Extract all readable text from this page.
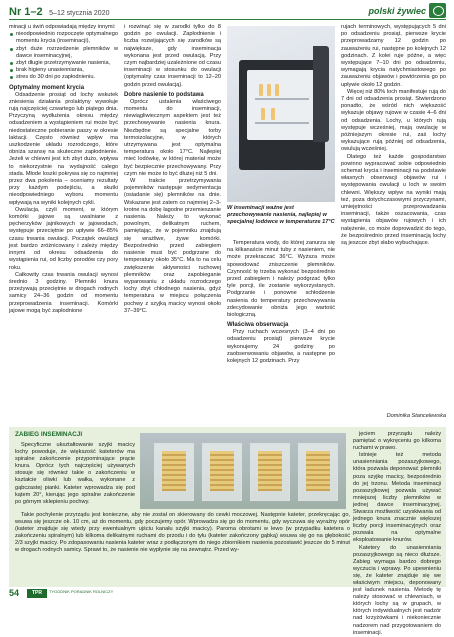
Nr 1–2 5–12 stycznia 2020	polski żywiec

minacji u świń odpowiadają między innymi:

nieodpowiednio rozpoczęte optymalnego momentu krycia (inseminacji),
zbyt duże rozrzedzenie plemników w dawce inseminacyjnej,
zbyt długie przetrzymywanie nasienia,
brak higieny unasienniania,
stres do 30 dni po zapłodnieniu.
Optymalny moment krycia

Odsadzenie prosiąt od lochy wskutek zniesienia działania prolaktyny wywołuje rują najczęściej czwartego lub piątego dnia. Przyczyną wydłużenia okresu między odsadzeniem a wystąpieniem rui może być niedostateczne pobieranie paszy w okresie laktacji. Często również wpływ ma uszkodzenie układu rozrodczego, które obniża szansę na skuteczne zapłodnienie. Jeżeli w chlewni jest ich zbyt dużo, wpływa to niekorzystnie na wydajność całego stada. Młode loszki pokrywa się co najmniej przez dwa pokolenia – oceniamy rezultaty przy każdym podejściu, a skutki nieodpowiedniego wyboru momentu wpływają na wyniki kolejnych cykli.

Owulacja, czyli moment, w którym komórki jajowe są uwalniane z pęcherzyków jajnikowych w jajowodach, występuje przeciętnie po upływie 66–85% czasu trwania owulacji. Początek owulacji jest bardzo zróżnicowany i zależy między innymi od okresu odsadzenia do wystąpienia rui, od liczby porodów czy pory roku.

Całkowity czas trwania owulacji wynosi średnio 3 godziny. Plemniki knura przeżywają przeciętnie w drogach rodnych samicy 24–36 godzin od momentu przeprowadzenia inseminacji. Komórki jajowe mogą być zapłodnione

i rozwinąć się w zarodki tylko do 8 godzin po owulacji. Zapłodnienie i liczba rozwijających się zarodków są największe, gdy inseminacja wykonana jest przed owulacją. Przy czym najbardziej uzależnione od czasu inseminacji w stosunku do owulacji (optymalny czas inseminacji to 12–20 godzin przed owulacją).

Dobre nasienie to podstawa

Oprócz ustalenia właściwego momentu do inseminacji, niewiągliwiecznym aspektem jest też przechowywanie nasienia knura. Niezbędne są specjalne torby termoizolacyjne, w których utrzymywana jest optymalna temperatura około 17°C. Najlepiej mieć lodówkę, w której materiał może być bezpiecznie przechowywany. Przy czym nie może to być dłużej niż 5 dni.

W trakcie przetrzymywania pojemników następuje sedymentacja (osiadanie się) plemników na dnie. Wskazane jest zatem co najmniej 2–3-krotne na dobę łagodne przemieszanie nasienia. Należy to wykonać powolnym, delikatnym ruchem, pamiętając, że w pojemniku znajdują się wrażliwe, żywe komórki. Bezpośrednio przed zabiegiem nasienie musi być podgrzane do temperatury około 35°C. Ma to na celu zwiększenie aktywności ruchowej plemników oraz zapobieganie wyparowaniu z układu rozrodczego lochy zbyt chłodnego nasienia, gdyż temperatura w miejscu połączenia pochwy z szyjką macicy wynosi około 37–39°C.

W inseminacji ważne jest przechowywanie nasienia, najlepiej w specjalnej lodówce w temperaturze 17°C

Temperatura wody, do której zanurza się na kilkanaście minut tuby z nasieniem, nie może przekraczać 36°C. Wyższa może spowodować zniszczenie plemników. Czynność tę trzeba wykonać bezpośrednio przed zabiegiem i należy podgrzać tylko tyle porcji, ile zostanie wykorzystanych. Podgrzanie i ponowne schłodzenie nasienia do temperatury przechowywania zdecydowanie obniża jego wartość biologiczną.

Właściwa obserwacja

Przy ruchach wczesnych (3–4 dni po odsadzeniu prosiąt) pierwsze krycie wykonujemy 24 godziny po zaobserwowaniu objawów, a następne po kolejnych 12 godzinach. Przy

rujach terminowych, występujących 5 dni po odsadzeniu prosiąt, pierwsze krycie przeprowadzamy 12 godzin po zauważeniu rui, następne po kolejnych 12 godzinach. Z kolei ruje późne, a więc występujące 7–10 dni po odsadzeniu, wymagają krycia natychmiastowego po zauważeniu objawów i powtórzenia go po upływie około 12 godzin.

Więcej niż 80% loch manifestuje rują do 7 dni od odsadzenia prosiąt. Stwierdzono ponadto, że wśród nich większość wykazuje objawy rujowe w czasie 4–6 dni od odsadzenia. Lochy, u których rują występuje wcześniej, mają owulację w późniejszym okresie rui, zaś lochy wykazujące rują później od odsadzenia, owulują wcześniej.

Dlatego też każde gospodarstwo powinno wypracować sobie odpowiednio schemat krycia i inseminacji na podstawie własnych obserwacji objawów rui i występowania owulacji u loch w swoim chlewni. Większy wpływ na wyniki mają też, poza dotychczasowymi przyczynami, umiejętności przeprowadzania inseminacji, także oszacowania, czas wystąpienia objawów rujowych i ich natężenie, co może doprowadzić do tego, że bezpośrednio przed inseminacją lochy są jeszcze zbyt słabo wybuchające.

Dominika Stancelewska
ZABIEG INSEMINACJI

Specyficzne ukształtowanie szyjki macicy lochy powoduje, że większość kateterów ma spiralne zakończenie przypominające prącie knura. Oprócz tych najczęściej używanych stosuje się również takie o zakończeniu w kształcie oliwki lub wałka, wykonane z gąbczastej pianki. Kateter wprowadza się pod kątem 20°, kierując jego spiralne zakończenie po górnym sklepieniu pochwy.

Takie pochylenie przyrządu jest konieczne, aby nie został on skierowany do cewki moczowej. Następnie kateter, przekręcając go, wsuwa się jeszcze ok. 10 cm, aż do momentu, gdy poczujemy opór. Wprowadza się go do momentu, gdy wyczuwa się wyraźny opór (kateter znajduje się wtedy przy ewentualnym ujściu kanału szyjki macicy). Paroma obrotami w lewo (w przypadku katetera o zakończeniu spiralnym) lub kilkoma delikatnymi ruchami do przodu i do tyłu (kateter zakończony gąbką) wsuwa się go na głębokość 2/3 szyjki macicy. Po zdopasowaniu nasienia kateter wraz z podłączonym do niego zbiornikiem nasienia pozostawić jeszcze do 5 minut w drogach rodnych samicy. Sprawi to, że nasienie nie wypłynie się na zewnątrz. Przed wy-

jęciem przyrządu należy pamiętać o wykręceniu go kilkoma ruchami w prawo.

Istnieje też metoda unasienniania pozaszyjkowego, która pozwala deponować plemniki poza szyjkę macicy, bezpośrednio do jej trzonu. Metoda inseminacji pozaszyjkowej pozwala używać mniejszej liczby plemników w jednej dawce inseminacyjnej. Stwarza możliwość uzyskiwania od jednego knura znacznie większej liczby porcji inseminacyjnych oraz pozwala na optymalne eksploatowanie knurów.

Katetery do unasienniania pozaszyjkowego są nieco dłuższe. Zabieg wymaga bardzo dobrego wyczucia i wprawy. Po upewnieniu się, że kateter znajduje się we właściwym miejscu, deponowany jest ładunek nasienia. Metodę tę należy stosować w chlewniach, w których lochy są w grupach, w których indywidualnych jest nadzór nad krzyżówkami i niekoniecznie nadzorem nad przygotowaniem do inseminacji.

54	TPR	TYGODNIK PORADNIK ROLNICZY
